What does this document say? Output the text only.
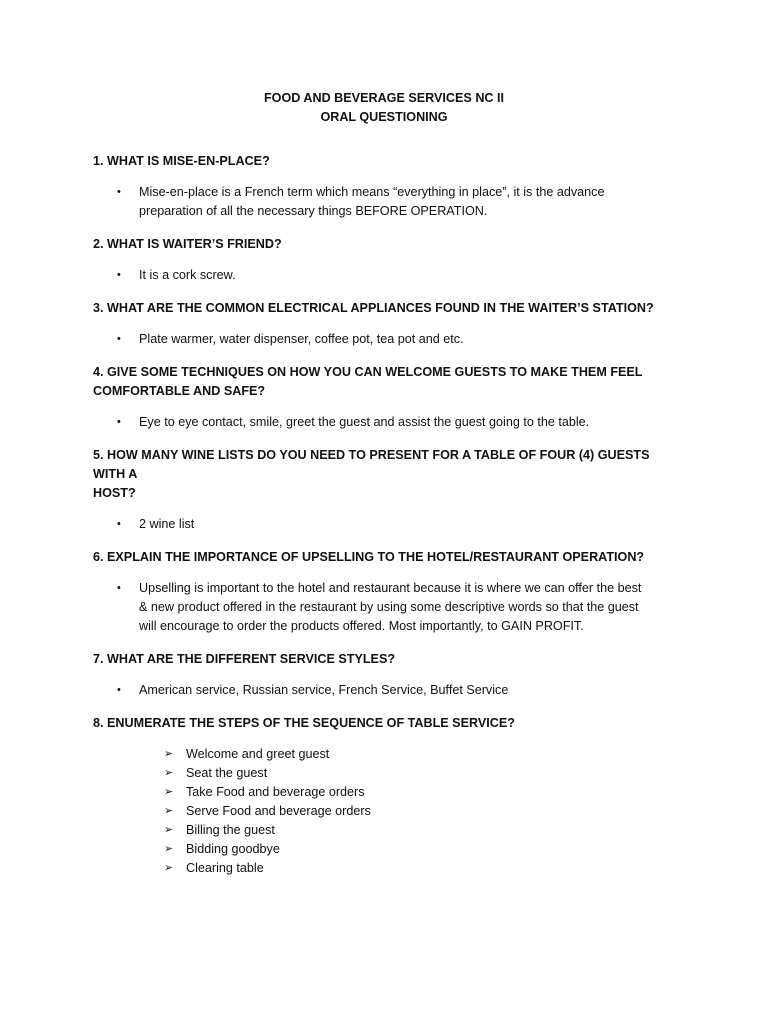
FOOD AND BEVERAGE SERVICES NC II
ORAL QUESTIONING

1. WHAT IS MISE-EN-PLACE?

• Mise-en-place is a French term which means “everything in place”, it is the advance
preparation of all the necessary things BEFORE OPERATION.

2. WHAT IS WAITER’S FRIEND?

• It is a cork screw.

3. WHAT ARE THE COMMON ELECTRICAL APPLIANCES FOUND IN THE WAITER’S STATION?

• Plate warmer, water dispenser, coffee pot, tea pot and etc.

4. GIVE SOME TECHNIQUES ON HOW YOU CAN WELCOME GUESTS TO MAKE THEM FEEL
COMFORTABLE AND SAFE?

• Eye to eye contact, smile, greet the guest and assist the guest going to the table.

5. HOW MANY WINE LISTS DO YOU NEED TO PRESENT FOR A TABLE OF FOUR (4) GUESTS WITH A
HOST?

• 2 wine list

6. EXPLAIN THE IMPORTANCE OF UPSELLING TO THE HOTEL/RESTAURANT OPERATION?

• Upselling is important to the hotel and restaurant because it is where we can offer the best
& new product offered in the restaurant by using some descriptive words so that the guest
will encourage to order the products offered. Most importantly, to GAIN PROFIT.

7. WHAT ARE THE DIFFERENT SERVICE STYLES?

• American service, Russian service, French Service, Buffet Service

8. ENUMERATE THE STEPS OF THE SEQUENCE OF TABLE SERVICE?

➢ Welcome and greet guest
➢ Seat the guest
➢ Take Food and beverage orders
➢ Serve Food and beverage orders
➢ Billing the guest
➢ Bidding goodbye
➢ Clearing table
